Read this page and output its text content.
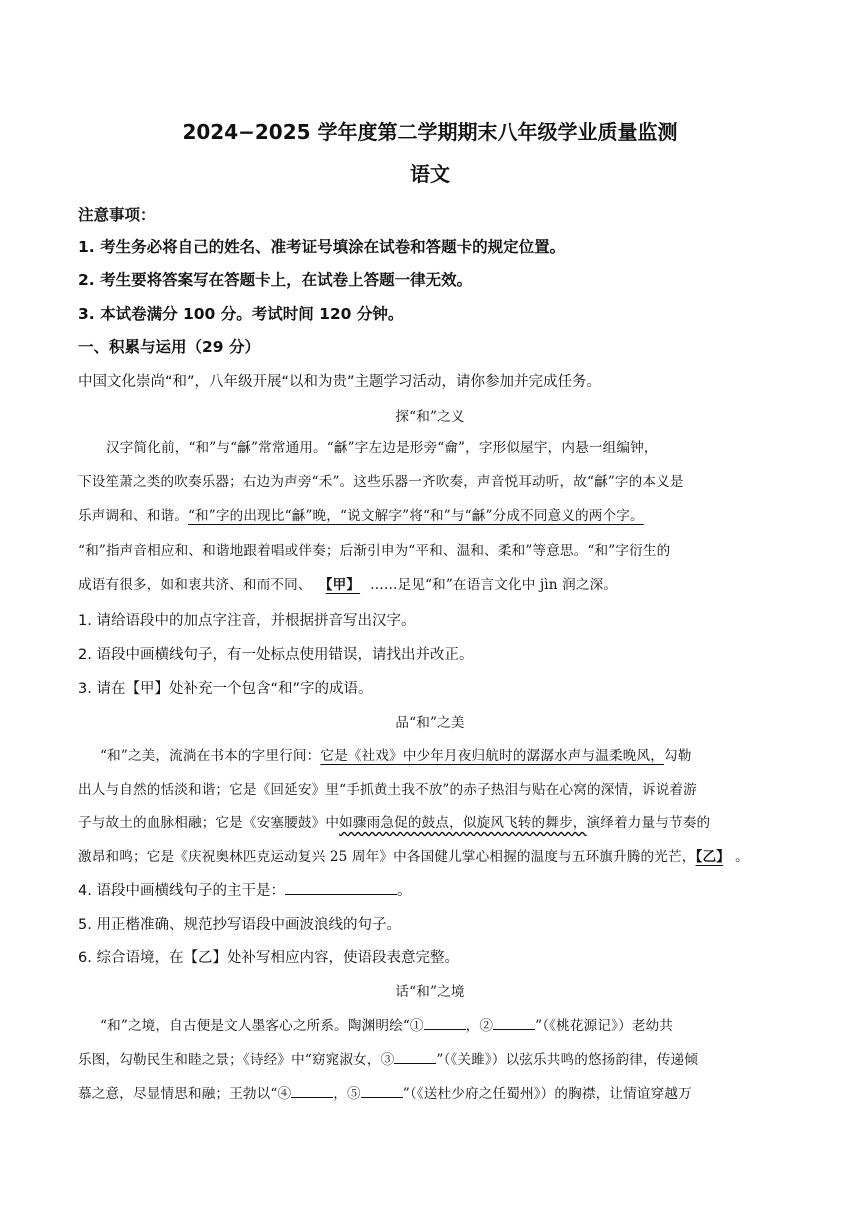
2024−2025 学年度第二学期期末八年级学业质量监测
语文
注意事项：
1. 考生务必将自己的姓名、准考证号填涂在试卷和答题卡的规定位置。
2. 考生要将答案写在答题卡上，在试卷上答题一律无效。
3. 本试卷满分 100 分。考试时间 120 分钟。
一、积累与运用（29 分）
中国文化崇尚“和”，八年级开展“以和为贵”主题学习活动，请你参加并完成任务。
探“和”之义
汉字简化前，“和”与“龢”常常通用。“龢”字左边是形旁“龠”，字形似屋宇，内悬一组编钟，
下设笙萧之类的吹奏乐器；右边为声旁“禾”。这些乐器一齐吹奏，声音悦耳动听，故“龢”字的本义是
乐声调和、和谐。“和”字的出现比“龢”晚，“说文解字”将“和”与“龢”分成不同意义的两个字。
“和”指声音相应和、和谐地跟着唱或伴奏；后渐引申为“平和、温和、柔和”等意思。“和”字衍生的
成语有很多，如和衷共济、和而不同、 【甲】 ……足见“和”在语言文化中 jìn 润之深。
1. 请给语段中的加点字注音，并根据拼音写出汉字。
2. 语段中画横线句子，有一处标点使用错误，请找出并改正。
3. 请在【甲】处补充一个包含“和”字的成语。
品“和”之美
“和”之美，流淌在书本的字里行间：它是《社戏》中少年月夜归航时的潺潺水声与温柔晚风，勾勒
出人与自然的恬淡和谐；它是《回延安》里“手抓黄土我不放”的赤子热泪与贴在心窝的深情，诉说着游
子与故土的血脉相融；它是《安塞腰鼓》中如骤雨急促的鼓点，似旋风飞转的舞步，演绎着力量与节奏的
激昂和鸣；它是《庆祝奥林匹克运动复兴 25 周年》中各国健儿掌心相握的温度与五环旗升腾的光芒，【乙】 。
4. 语段中画横线句子的主干是：	。
5. 用正楷准确、规范抄写语段中画波浪线的句子。
6. 综合语境，在【乙】处补写相应内容，使语段表意完整。
话“和”之境
“和”之境，自古便是文人墨客心之所系。陶渊明绘“①	，②	”（《桃花源记》）老幼共
乐图，勾勒民生和睦之景；《诗经》中“窈窕淑女，③	”（《关雎》）以弦乐共鸣的悠扬韵律，传递倾
慕之意，尽显情思和融；王勃以“④	，⑤	”（《送杜少府之任蜀州》）的胸襟，让情谊穿越万
